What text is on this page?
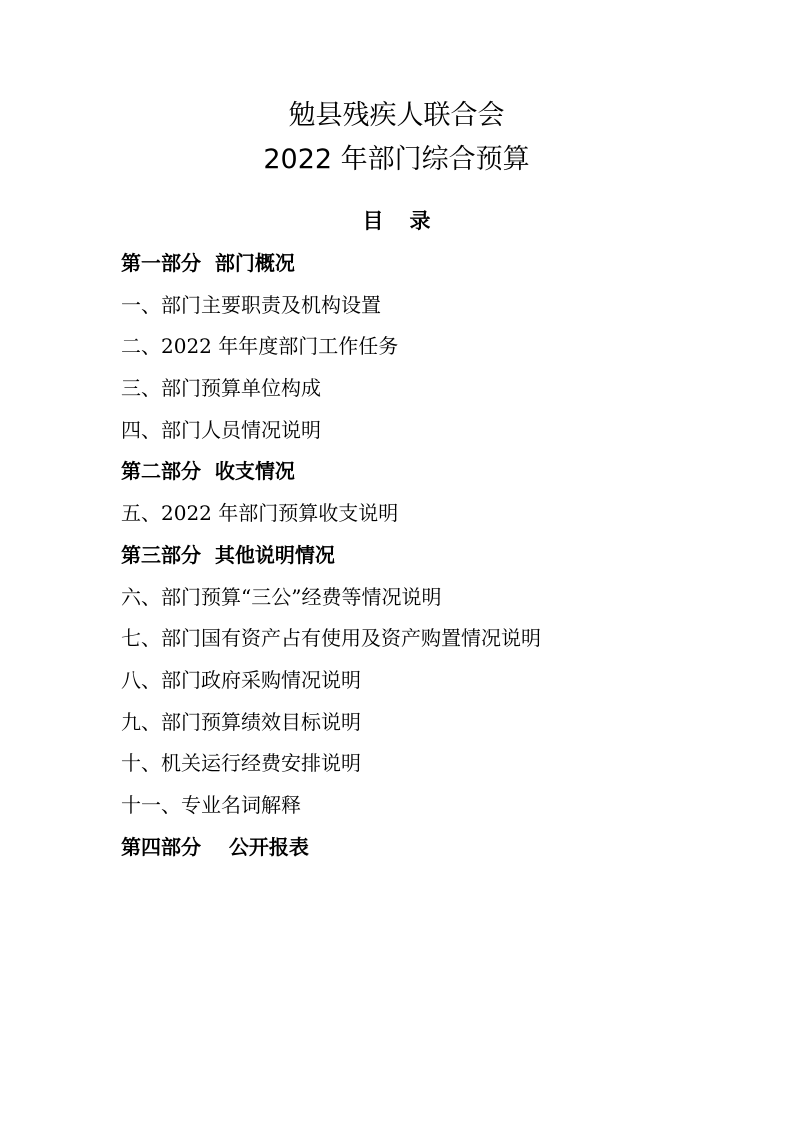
勉县残疾人联合会
2022 年部门综合预算
目录
第一部分  部门概况
一、部门主要职责及机构设置
二、2022 年年度部门工作任务
三、部门预算单位构成
四、部门人员情况说明
第二部分  收支情况
五、2022 年部门预算收支说明
第三部分  其他说明情况
六、部门预算“三公”经费等情况说明
七、部门国有资产占有使用及资产购置情况说明
八、部门政府采购情况说明
九、部门预算绩效目标说明
十、机关运行经费安排说明
十一、专业名词解释
第四部分    公开报表
